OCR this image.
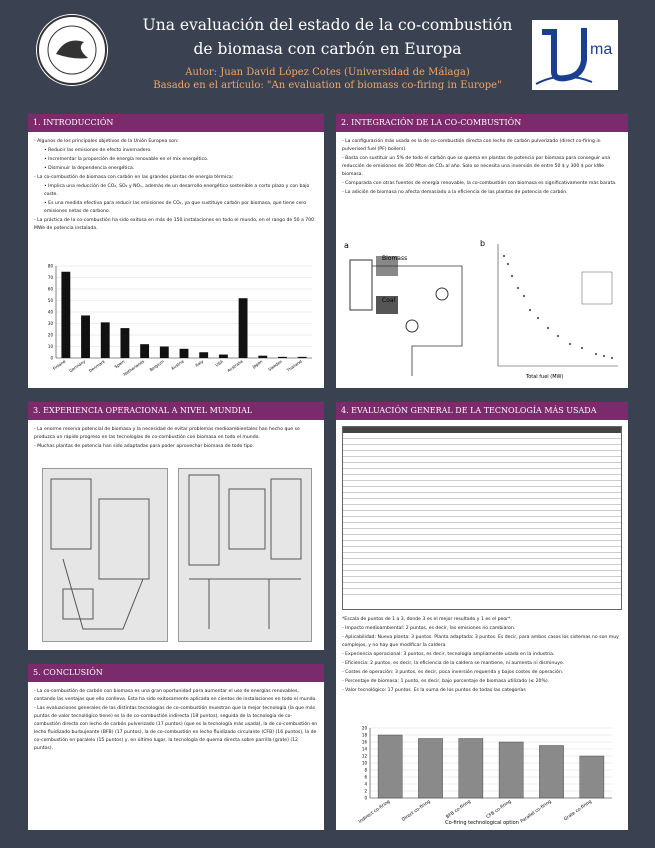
Una evaluación del estado de la co-combustión
de biomasa con carbón en Europa
Autor: Juan David López Cotes (Universidad de Málaga)
Basado en el artículo: "An evaluation of biomass co-firing in Europe"
ma
1. INTRODUCCIÓN

- Algunos de los principales objetivos de la Unión Europea son:

• Reducir las emisiones de efecto invernadero.

• Incrementar la proporción de energía renovable en el mix energético.

• Disminuir la dependencia energética.

- La co-combustión de biomasa con carbón en las grandes plantas de energía térmica:

• Implica una reducción de CO₂, SO₂ y NOₓ, además de un desarrollo energético sostenible a corto plazo y con bajo coste.

• Es una medida efectiva para reducir las emisiones de CO₂, ya que sustituye carbón por biomasa, que tiene cero emisiones netas de carbono.

- La práctica de la co-combustión ha sido exitosa en más de 150 instalaciones en todo el mundo, en el rango de 50 a 700 MWe de potencia instalada.

0
10
20
30
40
50
60
70
80
Finland Germany Denmark Spain
Netherlands Belgium Austria Italy	USA Australia Japan Sweden Thailand
2. INTEGRACIÓN DE LA CO-COMBUSTIÓN

- La configuración más usada es la de co-combustión directa con lecho de carbón pulverizado (direct co-firing in pulverised fuel (PF) boilers).

- Basta con sustituir un 5% de todo el carbón que se quema en plantas de potencia por biomasa para conseguir una reducción de emisiones de 300 Mton de CO₂ al año. Solo se necesita una inversión de entre 50 $ y 300 $ por kWe biomasa.

- Comparada con otras fuentes de energía renovable, la co-combustión con biomasa es significativamente más barata.

- La adición de biomasa no afecta demasiado a la eficiencia de las plantas de potencia de carbón.

a
Biomass
Coal
b
Total fuel (MW)
3. EXPERIENCIA OPERACIONAL A NIVEL MUNDIAL

- La enorme reserva potencial de biomasa y la necesidad de evitar problemas medioambientales han hecho que se produzca un rápido progreso en las tecnologías de co-combustión con biomasa en todo el mundo.

- Muchas plantas de potencia han sido adaptadas para poder aprovechar biomasa de todo tipo.

4. EVALUACIÓN GENERAL DE LA TECNOLOGÍA MÁS USADA

*Escala de puntos de 1 a 3, donde 3 es el mejor resultado y 1 es el peor*.

- Impacto medioambiental: 2 puntos, es decir, las emisiones no cambiaron.

- Aplicabilidad: Nueva planta: 3 puntos. Planta adaptada: 3 puntos. Es decir, para ambos casos los sistemas no son muy complejos, y no hay que modificar la caldera.

- Experiencia operacional: 3 puntos, es decir, tecnología ampliamente usada en la industria.

- Eficiencia: 2 puntos, es decir, la eficiencia de la caldera se mantiene, ni aumenta ni disminuye.

- Costes de operación: 3 puntos, es decir, poca inversión requerida y bajos costes de operación.

- Porcentaje de biomasa: 1 punto, es decir, bajo porcentaje de biomasa utilizado (≤ 20%).

- Valor tecnológico: 17 puntos. Es la suma de los puntos de todas las categorías

0
2
4
6
8
10
12
14
16
18
20
Indirect co-firing Direct co-firing	BFB co-firing	CFB co-firing Parallel co-firing Grate co-firing
Co-firing technological option
5. CONCLUSIÓN

- La co-combustión de carbón con biomasa es una gran oportunidad para aumentar el uso de energías renovables, contando las ventajas que ello conlleva. Esta ha sido exitosamente aplicada en cientos de instalaciones en todo el mundo.

- Las evaluaciones generales de las distintas tecnologías de co-combustión muestran que la mejor tecnología (la que más puntos de valor tecnológico tiene) es la de co-combustión indirecta (18 puntos), seguida de la tecnología de co-combustión directa con lecho de carbón pulverizado (17 puntos) (que es la tecnología más usada), la de co-combustión en lecho fluidizado burbujeante (BFB) (17 puntos), la de co-combustión en lecho fluidizado circulante (CFB) (16 puntos), la de co-combustión en paralelo (15 puntos) y, en último lugar, la tecnología de quema directa sobre parrilla (grate) (12 puntos).
